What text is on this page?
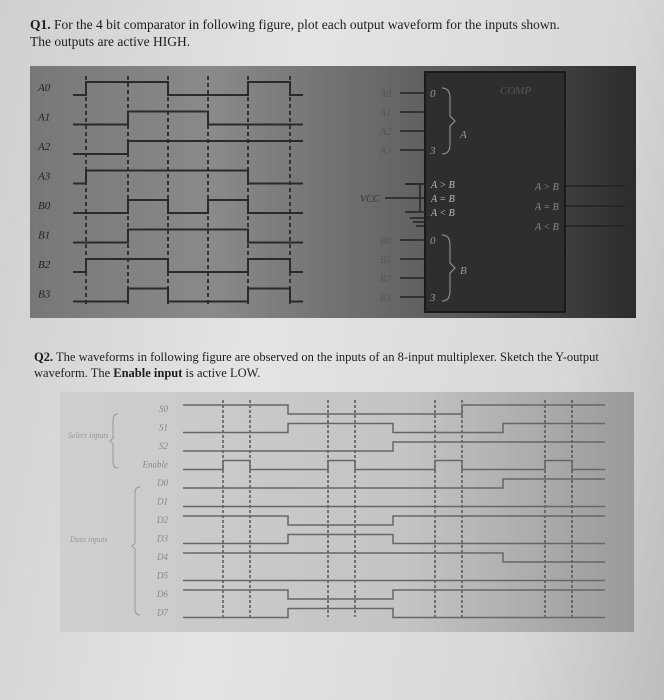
Q1. For the 4 bit comparator in following figure, plot each output waveform for the inputs shown.
The outputs are active HIGH.
A0
A1
A2
A3
B0
B1
B2
B3
COMP
A0
A1
A2
A3
B0
B1
B2
B3
0
3
0
3
A
B
A > B
A = B
A < B
VCC
A > B
A = B
A < B
Q2. The waveforms in following figure are observed on the inputs of an 8-input multiplexer. Sketch the Y-output waveform. The Enable input is active LOW.
S0
S1
S2
Enable
D0
D1
D2
D3
D4
D5
D6
D7
Select inputs
Data inputs
